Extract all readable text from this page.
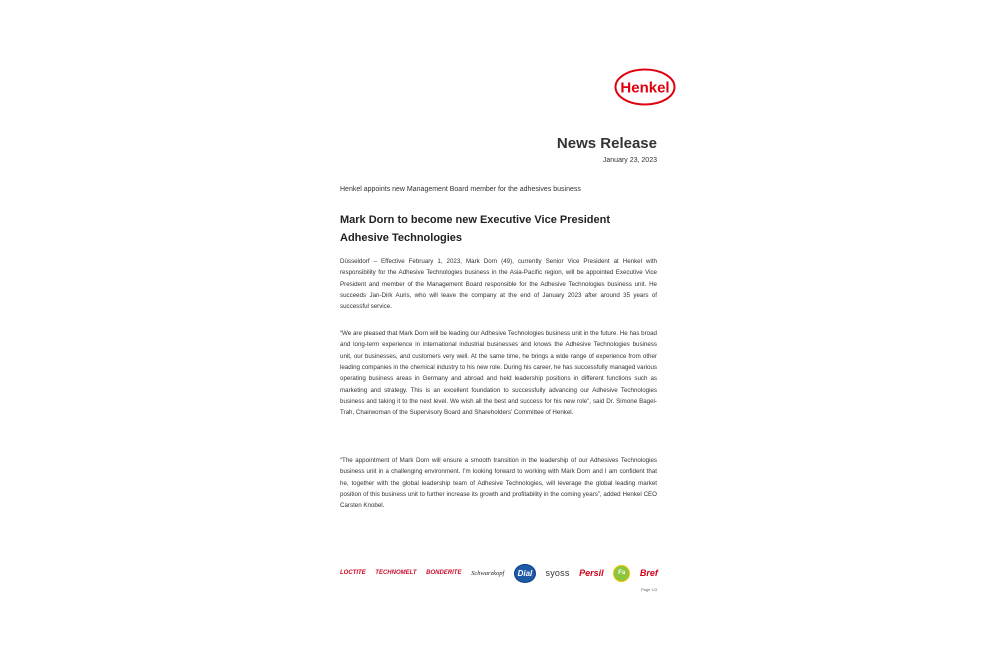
Henkel
News Release
January 23, 2023
Henkel appoints new Management Board member for the adhesives business
Mark Dorn to become new Executive Vice President
Adhesive Technologies

Düsseldorf – Effective February 1, 2023, Mark Dorn (49), currently Senior Vice President at Henkel with responsibility for the Adhesive Technologies business in the Asia-Pacific region, will be appointed Executive Vice President and member of the Management Board responsible for the Adhesive Technologies business unit. He succeeds Jan-Dirk Auris, who will leave the company at the end of January 2023 after around 35 years of successful service.

“We are pleased that Mark Dorn will be leading our Adhesive Technologies business unit in the future. He has broad and long-term experience in international industrial businesses and knows the Adhesive Technologies business unit, our businesses, and customers very well. At the same time, he brings a wide range of experience from other leading companies in the chemical industry to his new role. During his career, he has successfully managed various operating business areas in Germany and abroad and held leadership positions in different functions such as marketing and strategy. This is an excellent foundation to successfully advancing our Adhesive Technologies business and taking it to the next level. We wish all the best and success for his new role”, said Dr. Simone Bagel-Trah, Chairwoman of the Supervisory Board and Shareholders’ Committee of Henkel.

“The appointment of Mark Dorn will ensure a smooth transition in the leadership of our Adhesives Technologies business unit in a challenging environment. I’m looking forward to working with Mark Dorn and I am confident that he, together with the global leadership team of Adhesive Technologies, will leverage the global leading market position of this business unit to further increase its growth and profitability in the coming years”, added Henkel CEO Carsten Knobel.

LOCTITE TECHNOMELT BONDERITE Schwarzkopf	Dial	syoss Persil	Fa	Bref
Page 1/3
